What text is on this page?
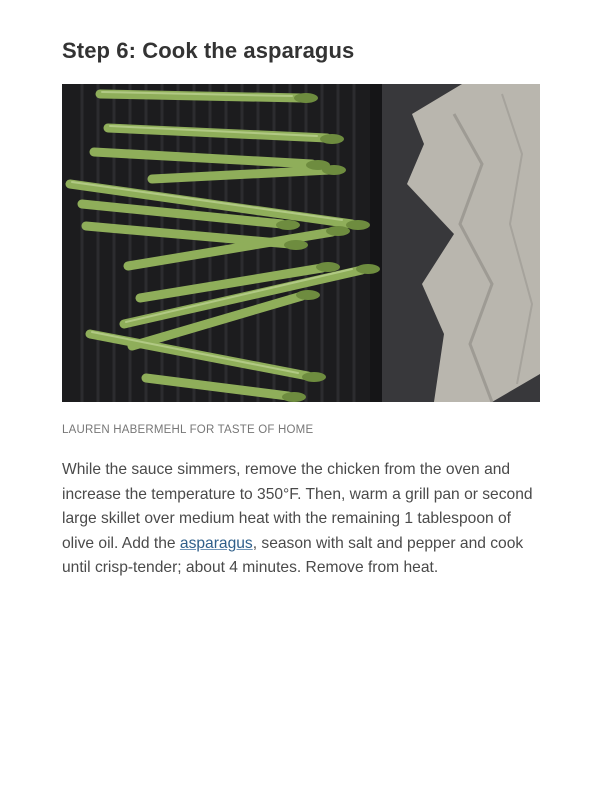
Step 6: Cook the asparagus
LAUREN HABERMEHL FOR TASTE OF HOME

While the sauce simmers, remove the chicken from the oven and increase the temperature to 350°F. Then, warm a grill pan or second large skillet over medium heat with the remaining 1 tablespoon of olive oil. Add the asparagus, season with salt and pepper and cook until crisp-tender; about 4 minutes. Remove from heat.
